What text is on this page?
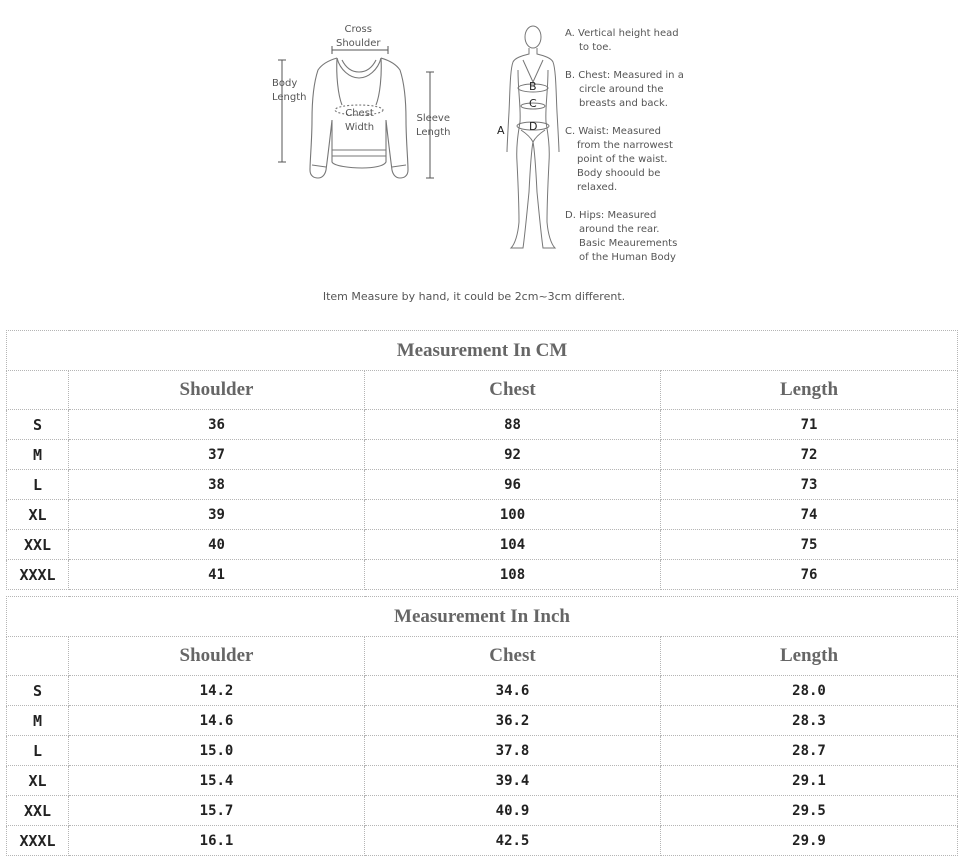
Cross
Shoulder
Body
Length
Chest
Width
Sleeve
Length	A
B
C
D
A. Vertical height head
to toe.
B. Chest: Measured in a
circle around the
breasts and back.
C. Waist: Measured
from the narrowest
point of the waist.
Body shoould be
relaxed.
D. Hips: Measured
around the rear.
Basic Meaurements
of the Human Body
Item Measure by hand, it could be 2cm~3cm different.
Measurement In CM			
	Shoulder	Chest	Length
S	36	88	71
M	37	92	72
L	38	96	73
XL	39	100	74
XXL	40	104	75
XXXL	41	108	76
Measurement In Inch			
	Shoulder	Chest	Length
S	14.2	34.6	28.0
M	14.6	36.2	28.3
L	15.0	37.8	28.7
XL	15.4	39.4	29.1
XXL	15.7	40.9	29.5
XXXL	16.1	42.5	29.9
